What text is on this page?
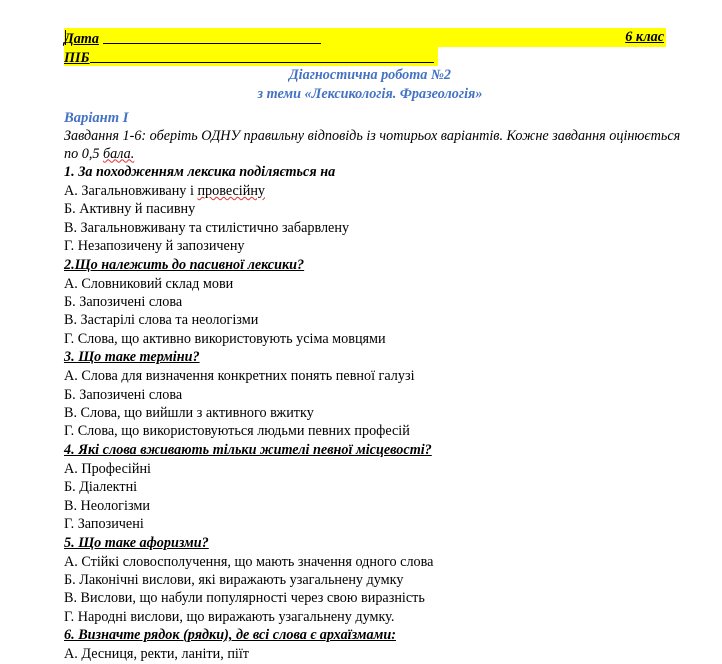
Дата	6 клас
ПІБ
Діагностична робота №2
з теми «Лексикологія. Фразеологія»
Варіант І
Завдання 1-6: оберіть ОДНУ правильну відповідь із чотирьох варіантів. Кожне завдання оцінюється по 0,5 бала.
1. За походженням лексика поділяється на
А. Загальновживану і провесійну
Б. Активну й пасивну
В. Загальновживану та стилістично забарвлену
Г. Незапозичену й запозичену
2.Що належить до пасивної лексики?
А. Словниковий склад мови
Б. Запозичені слова
В. Застарілі слова та неологізми
Г. Слова, що активно використовують усіма мовцями
3. Що таке терміни?
А. Слова для визначення конкретних понять певної галузі
Б. Запозичені слова
В. Слова, що вийшли з активного вжитку
Г. Слова, що використовуються людьми певних професій
4. Які слова вживають тільки жителі певної місцевості?
А. Професійні
Б. Діалектні
В. Неологізми
Г. Запозичені
5. Що таке афоризми?
А. Стійкі словосполучення, що мають значення одного слова
Б. Лаконічні вислови, які виражають узагальнену думку
В. Вислови, що набули популярності через свою виразність
Г. Народні вислови, що виражають узагальнену думку.
6. Визначте рядок (рядки), де всі слова є архаїзмами:
А. Десниця, ректи, ланіти, піїт
